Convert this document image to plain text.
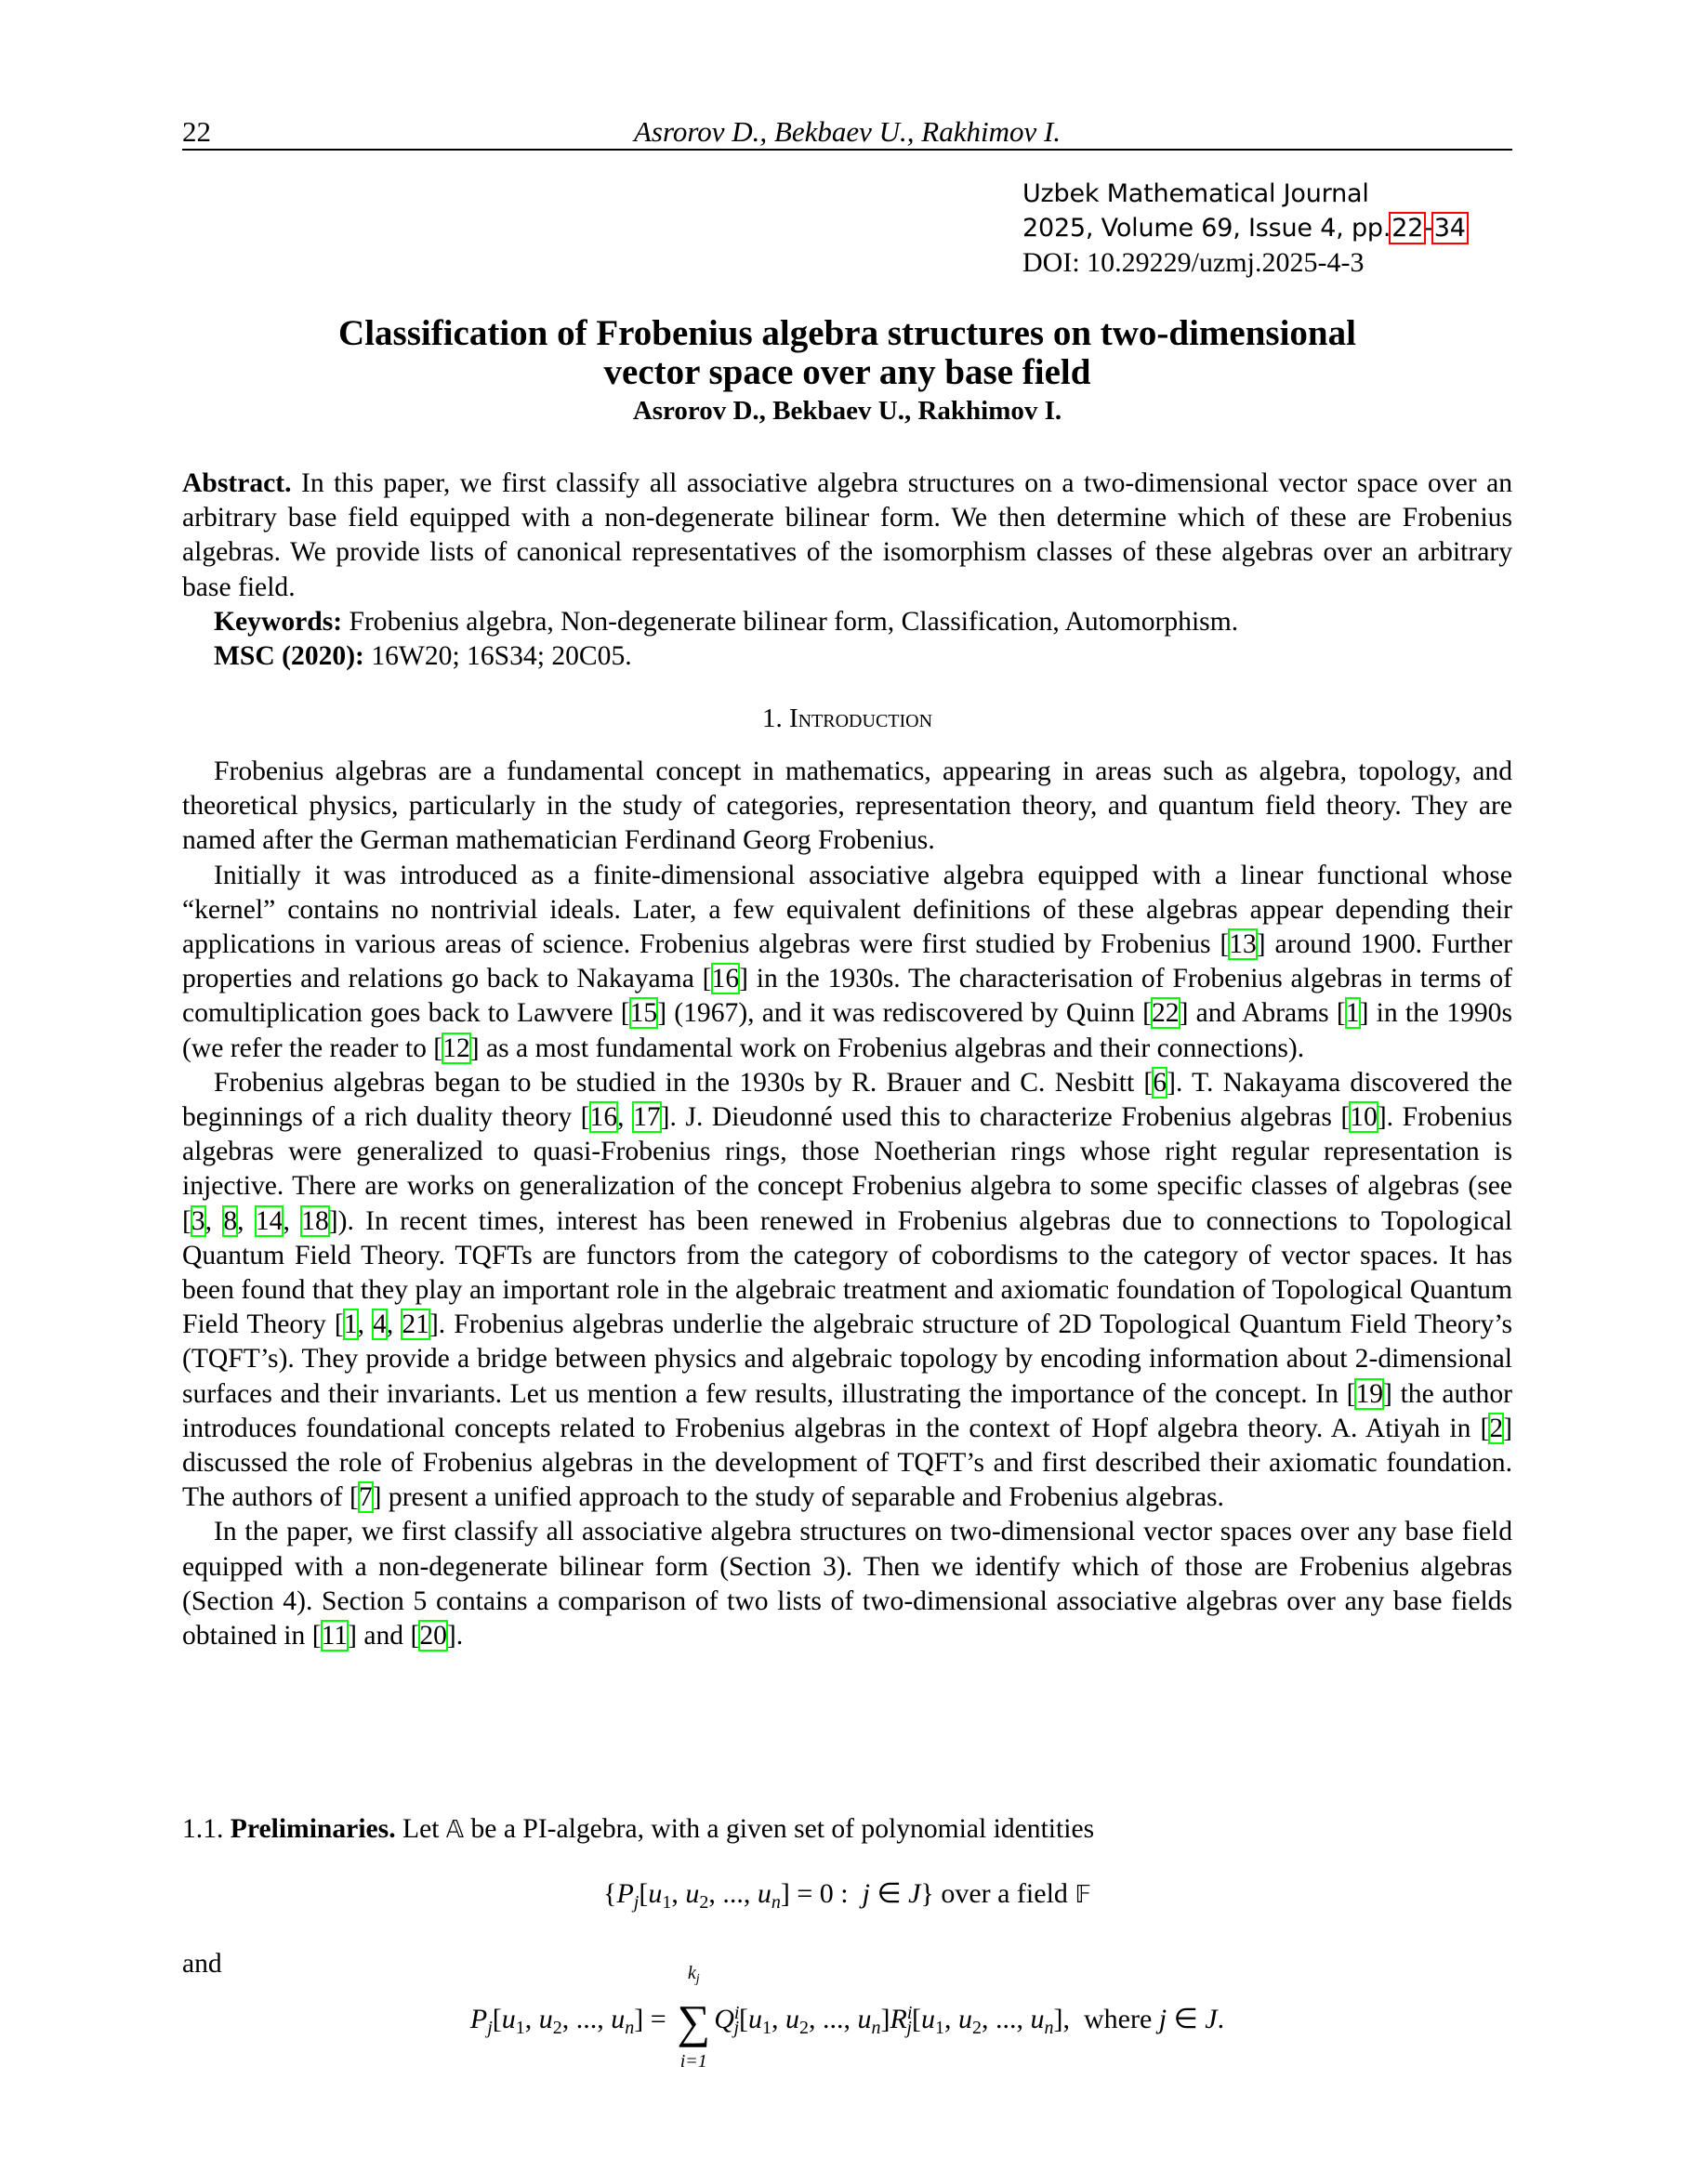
22	Asrorov D., Bekbaev U., Rakhimov I.
Uzbek Mathematical Journal
2025, Volume 69, Issue 4, pp.22-34
DOI: 10.29229/uzmj.2025-4-3
Classification of Frobenius algebra structures on two-dimensional
vector space over any base field
Asrorov D., Bekbaev U., Rakhimov I.

Abstract. In this paper, we first classify all associative algebra structures on a two-dimensional vector space over an arbitrary base field equipped with a non-degenerate bilinear form. We then determine which of these are Frobenius algebras. We provide lists of canonical representatives of the isomorphism classes of these algebras over an arbitrary base field.

Keywords: Frobenius algebra, Non-degenerate bilinear form, Classification, Automorphism.

MSC (2020): 16W20; 16S34; 20C05.

1. Introduction

Frobenius algebras are a fundamental concept in mathematics, appearing in areas such as algebra, topology, and theoretical physics, particularly in the study of categories, representation theory, and quantum field theory. They are named after the German mathematician Ferdinand Georg Frobenius.

Initially it was introduced as a finite-dimensional associative algebra equipped with a linear functional whose “kernel” contains no nontrivial ideals. Later, a few equivalent definitions of these algebras appear depending their applications in various areas of science. Frobenius algebras were first studied by Frobenius [13] around 1900. Further properties and relations go back to Nakayama [16] in the 1930s. The characterisation of Frobenius algebras in terms of comultiplication goes back to Lawvere [15] (1967), and it was rediscovered by Quinn [22] and Abrams [1] in the 1990s (we refer the reader to [12] as a most fundamental work on Frobenius algebras and their connections).

Frobenius algebras began to be studied in the 1930s by R. Brauer and C. Nesbitt [6]. T. Nakayama discovered the beginnings of a rich duality theory [16, 17]. J. Dieudonné used this to characterize Frobenius algebras [10]. Frobenius algebras were generalized to quasi-Frobenius rings, those Noetherian rings whose right regular representation is injective. There are works on generalization of the concept Frobenius algebra to some specific classes of algebras (see [3, 8, 14, 18]). In recent times, interest has been renewed in Frobenius algebras due to connections to Topological Quantum Field Theory. TQFTs are functors from the category of cobordisms to the category of vector spaces. It has been found that they play an important role in the algebraic treatment and axiomatic foundation of Topological Quantum Field Theory [1, 4, 21]. Frobenius algebras underlie the algebraic structure of 2D Topological Quantum Field Theory’s (TQFT’s). They provide a bridge between physics and algebraic topology by encoding information about 2-dimensional surfaces and their invariants. Let us mention a few results, illustrating the importance of the concept. In [19] the author introduces foundational concepts related to Frobenius algebras in the context of Hopf algebra theory. A. Atiyah in [2] discussed the role of Frobenius algebras in the development of TQFT’s and first described their axiomatic foundation. The authors of [7] present a unified approach to the study of separable and Frobenius algebras.

In the paper, we first classify all associative algebra structures on two-dimensional vector spaces over any base field equipped with a non-degenerate bilinear form (Section 3). Then we identify which of those are Frobenius algebras (Section 4). Section 5 contains a comparison of two lists of two-dimensional associative algebras over any base fields obtained in [11] and [20].

1.1. Preliminaries. Let 𝔸 be a PI-algebra, with a given set of polynomial identities

{$P_j[u_1$, $u_2$, ..., $u_n] = 0$ :  j ∈ J} over a field 𝔽

and

$P_j[u_1$, $u_2$, ..., $u_n$] =
$k_j$
∑
i=1
$Q^i_j[u_1$, $u_2$, ..., $u_n]R^i_j[u_1$, $u_2$, ..., $u_n$],  where j ∈ J.
